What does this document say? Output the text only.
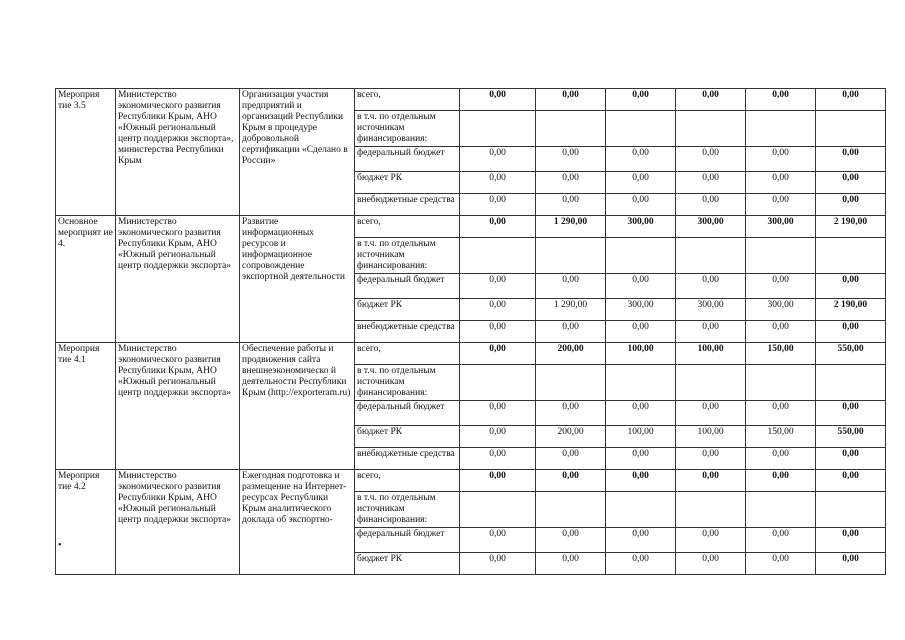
Мероприя тие 3.5	Министерство экономического развития Республики Крым, АНО «Южный региональный центр поддержки экспорта», министерства Республики Крым	Организация участия предприятий и организаций Республики Крым в процедуре добровольной сертификации «Сделано в России»	всего,	0,00	0,00	0,00	0,00	0,00	0,00
			в т.ч. по отдельным источникам финансирования:						
			федеральный бюджет	0,00	0,00	0,00	0,00	0,00	0,00
			бюджет РК	0,00	0,00	0,00	0,00	0,00	0,00
			внебюджетные средства	0,00	0,00	0,00	0,00	0,00	0,00
Основное мероприят ие 4.	Министерство экономического развития Республики Крым, АНО «Южный региональный центр поддержки экспорта»	Развитие информационных ресурсов и информационное сопровождение экспортной деятельности	всего,	0,00	1 290,00	300,00	300,00	300,00	2 190,00
			в т.ч. по отдельным источникам финансирования:						
			федеральный бюджет	0,00	0,00	0,00	0,00	0,00	0,00
			бюджет РК	0,00	1 290,00	300,00	300,00	300,00	2 190,00
			внебюджетные средства	0,00	0,00	0,00	0,00	0,00	0,00
Мероприя тие 4.1	Министерство экономического развития Республики Крым, АНО «Южный региональный центр поддержки экспорта»	Обеспечение работы и продвижения сайта внешнеэкономическо й деятельности Республики Крым (http://exporteram.ru)	всего,	0,00	200,00	100,00	100,00	150,00	550,00
			в т.ч. по отдельным источникам финансирования:						
			федеральный бюджет	0,00	0,00	0,00	0,00	0,00	0,00
			бюджет РК	0,00	200,00	100,00	100,00	150,00	550,00
			внебюджетные средства	0,00	0,00	0,00	0,00	0,00	0,00
Мероприя тие 4.2	Министерство экономического развития Республики Крым, АНО «Южный региональный центр поддержки экспорта»	Ежегодная подготовка и размещение на Интернет-ресурсах Республики Крым аналитического доклада об экспортно-	всего,	0,00	0,00	0,00	0,00	0,00	0,00
			в т.ч. по отдельным источникам финансирования:						
			федеральный бюджет	0,00	0,00	0,00	0,00	0,00	0,00
			бюджет РК	0,00	0,00	0,00	0,00	0,00	0,00
•
